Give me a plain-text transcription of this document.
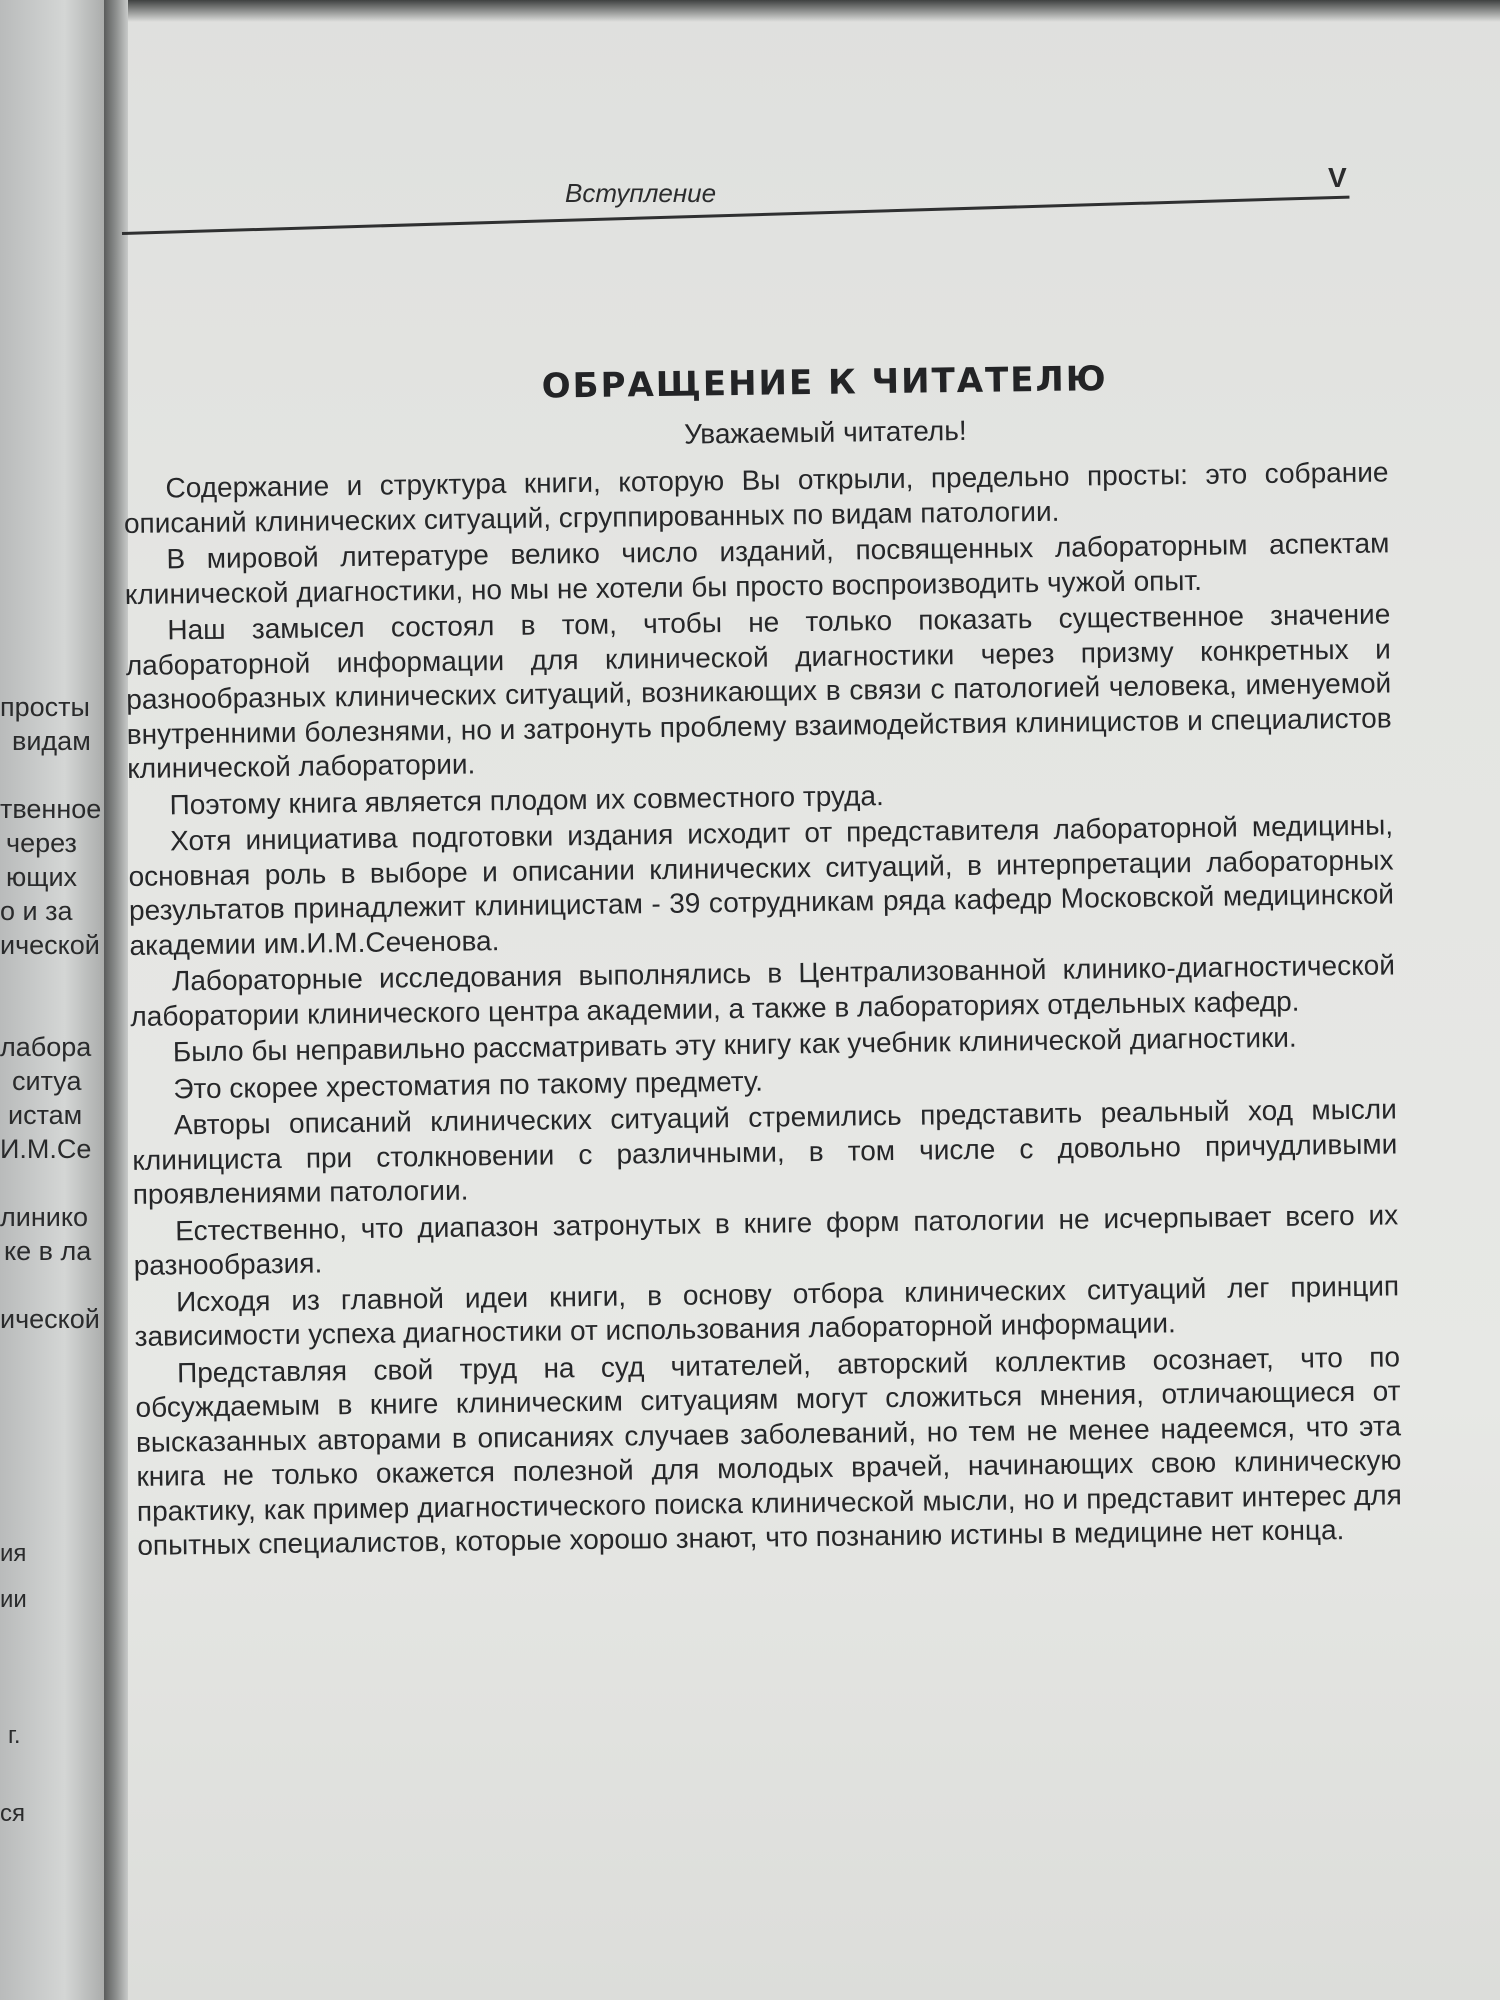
просты
видам
твенное
через
ющих
о и за
ической
лабора
ситуа
истам
И.М.Се
линико
ке в ла
ической
ия
ии
г.
ся
Вступление	V
ОБРАЩЕНИЕ К ЧИТАТЕЛЮ
Уважаемый читатель!

Содержание и структура книги, которую Вы открыли, предельно просты: это собрание описаний клинических ситуаций, сгруппированных по видам патологии.

В мировой литературе велико число изданий, посвященных лабораторным аспектам клинической диагностики, но мы не хотели бы просто воспроизводить чужой опыт.

Наш замысел состоял в том, чтобы не только показать существенное значение лабораторной информации для клинической диагностики через призму конкретных и разнообразных клинических ситуаций, возникающих в связи с патологией человека, именуемой внутренними болезнями, но и затронуть проблему взаимодействия клиницистов и специалистов клинической лаборатории.

Поэтому книга является плодом их совместного труда.

Хотя инициатива подготовки издания исходит от представителя лабораторной медицины, основная роль в выборе и описании клинических ситуаций, в интерпретации лабораторных результатов принадлежит клиницистам - 39 сотрудникам ряда кафедр Московской медицинской академии им.И.М.Сеченова.

Лабораторные исследования выполнялись в Централизованной клинико-диагностической лаборатории клинического центра академии, а также в лабораториях отдельных кафедр.

Было бы неправильно рассматривать эту книгу как учебник клинической диагностики.

Это скорее хрестоматия по такому предмету.

Авторы описаний клинических ситуаций стремились представить реальный ход мысли клинициста при столкновении с различными, в том числе с довольно причудливыми проявлениями патологии.

Естественно, что диапазон затронутых в книге форм патологии не исчерпывает всего их разнообразия.

Исходя из главной идеи книги, в основу отбора клинических ситуаций лег принцип зависимости успеха диагностики от использования лабораторной информации.

Представляя свой труд на суд читателей, авторский коллектив осознает, что по обсуждаемым в книге клиническим ситуациям могут сложиться мнения, отличающиеся от высказанных авторами в описаниях случаев заболеваний, но тем не менее надеемся, что эта книга не только окажется полезной для молодых врачей, начинающих свою клиническую практику, как пример диагностического поиска клинической мысли, но и представит интерес для опытных специалистов, которые хорошо знают, что познанию истины в медицине нет конца.
